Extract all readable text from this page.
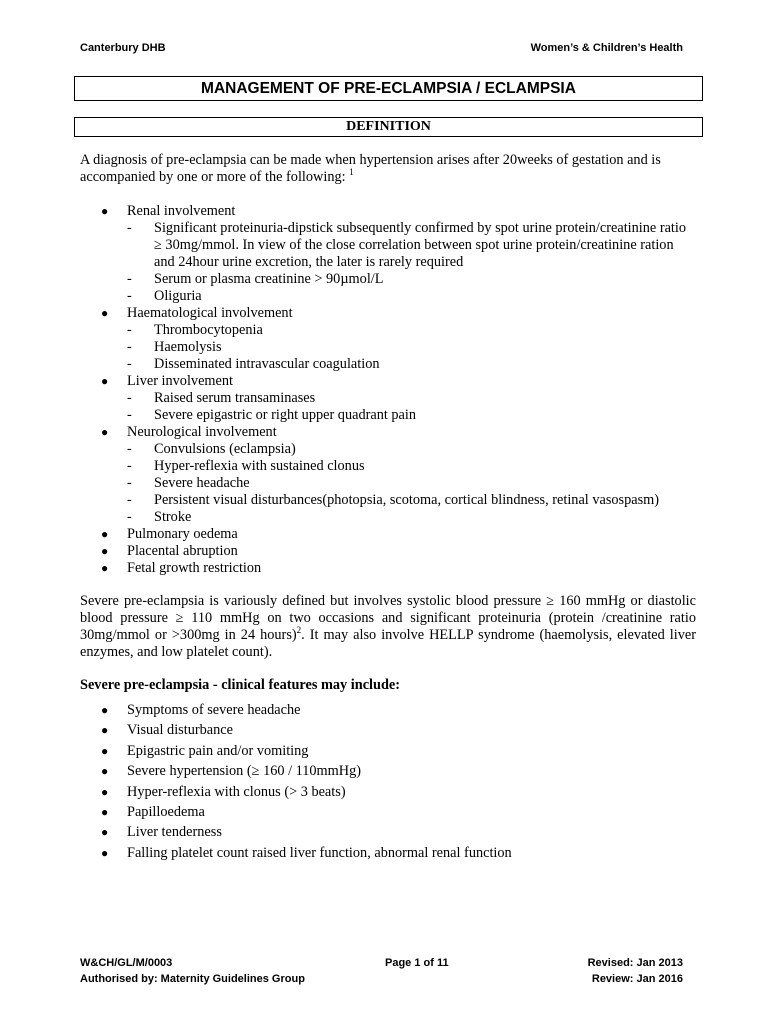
Canterbury DHB	Women’s & Children’s Health
MANAGEMENT OF PRE-ECLAMPSIA / ECLAMPSIA
DEFINITION

A diagnosis of pre-eclampsia can be made when hypertension arises after 20weeks of gestation and is accompanied by one or more of the following: $^1$

● Renal involvement
- Significant proteinuria-dipstick subsequently confirmed by spot urine protein/creatinine ratio ≥ 30mg/mmol. In view of the close correlation between spot urine protein/creatinine ration and 24hour urine excretion, the later is rarely required
- Serum or plasma creatinine > 90µmol/L
- Oliguria
● Haematological involvement
- Thrombocytopenia
- Haemolysis
- Disseminated intravascular coagulation
● Liver involvement
- Raised serum transaminases
- Severe epigastric or right upper quadrant pain
● Neurological involvement
- Convulsions (eclampsia)
- Hyper-reflexia with sustained clonus
- Severe headache
- Persistent visual disturbances(photopsia, scotoma, cortical blindness, retinal vasospasm)
- Stroke
● Pulmonary oedema
● Placental abruption
● Fetal growth restriction

Severe pre-eclampsia is variously defined but involves systolic blood pressure ≥ 160 mmHg or diastolic blood pressure ≥ 110 mmHg on two occasions and significant proteinuria (protein /creatinine ratio 30mg/mmol or >300mg in 24 hours)$^2$. It may also involve HELLP syndrome (haemolysis, elevated liver enzymes, and low platelet count).

Severe pre-eclampsia - clinical features may include:

● Symptoms of severe headache
● Visual disturbance
● Epigastric pain and/or vomiting
● Severe hypertension (≥ 160 / 110mmHg)
● Hyper-reflexia with clonus (> 3 beats)
● Papilloedema
● Liver tenderness
● Falling platelet count raised liver function, abnormal renal function
W&CH/GL/M/0003
Authorised by: Maternity Guidelines Group
Page 1 of 11	Revised: Jan 2013
Review: Jan 2016
